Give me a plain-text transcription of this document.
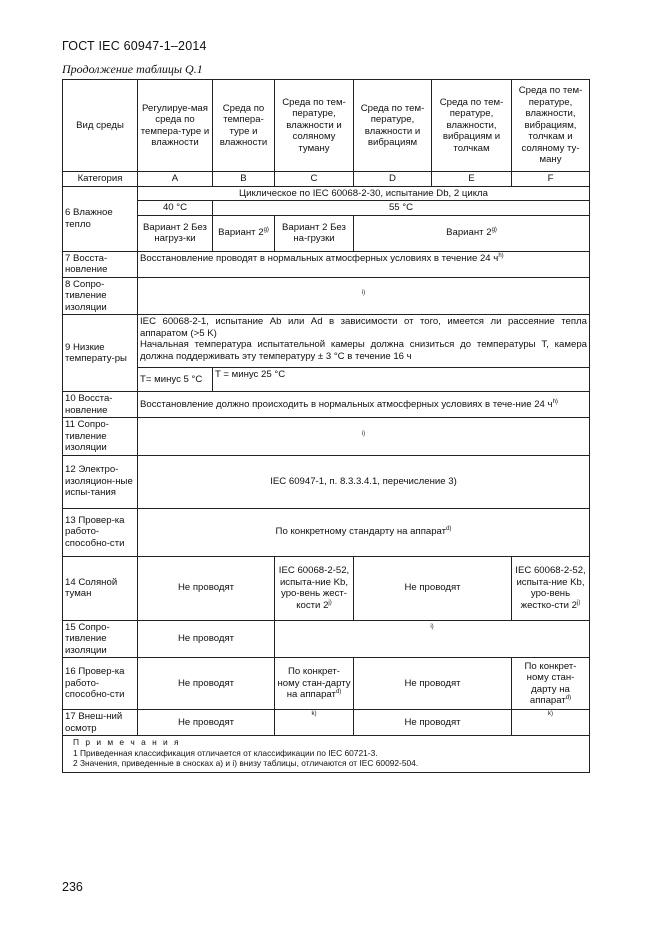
ГОСТ IEC 60947-1–2014
Продолжение таблицы Q.1
Вид среды	Регулируе-мая среда по темпера-туре и влажности	Среда по темпера-туре и влажности	Среда по тем-пературе, влажности и соляному туману	Среда по тем-пературе, влажности и вибрациям	Среда по тем-пературе, влажности, вибрациям и толчкам	Среда по тем-пературе, влажности, вибрациям, толчкам и соляному ту-ману
Категория	A	B	C	D	E	F
6 Влажное тепло	Циклическое по IEC 60068-2-30, испытание Db, 2 цикла					
	40 °C	55 °C				
	Вариант 2 Без нагруз-ки	Вариант 2$^{g)}$	Вариант 2 Без на-грузки	Вариант 2$^{g)}$
7 Восста-новление	Восстановление проводят в нормальных атмосферных условиях в течение 24 $ч^{h)}$
8 Сопро-тивление изоляции	$^{i)}$
9 Низкие температу-ры	IEC 60068-2-1, испытание Ab или Ad в зависимости от того, имеется ли рассеяние тепла аппаратом (>5 K)
Начальная температура испытательной камеры должна снизиться до температуры T, камера должна поддерживать эту температуру ± 3 °C в течение 16 ч					

	T= минус 5 °C	T = минус 25 °C				
10 Восста-новление	Восстановление должно происходить в нормальных атмосферных условиях в тече-ние 24 $ч^{h)}$
11 Сопро-тивление изоляции	$^{i)}$
12 Электро-изоляцион-ные испы-тания	IEC 60947-1, п. 8.3.3.4.1, перечисление 3)					
13 Провер-ка работо-способно-сти	По конкретному стандарту на аппарат$^{d)}$
14 Соляной туман	Не проводят		IEC 60068-2-52, испыта-ние Kb, уро-вень жест-кости 2$^{j)}$	Не проводят		IEC 60068-2-52, испыта-ние Kb, уро-вень жестко-сти 2$^{j)}$
15 Сопро-тивление изоляции	Не проводят		$^{i)}$
16 Провер-ка работо-способно-сти	Не проводят		По конкрет-ному стан-дарту на аппарат$^{d)}$	Не проводят		По конкрет-ному стан-дарту на аппарат$^{d)}$
17 Внеш-ний осмотр	Не проводят		$^{k)}$	Не проводят		$^{k)}$

П р и м е ч а н и я
1 Приведенная классификация отличается от классификации по IEC 60721-3.
2 Значения, приведенные в сносках a) и i) внизу таблицы, отличаются от IEC 60092-504.						
236
